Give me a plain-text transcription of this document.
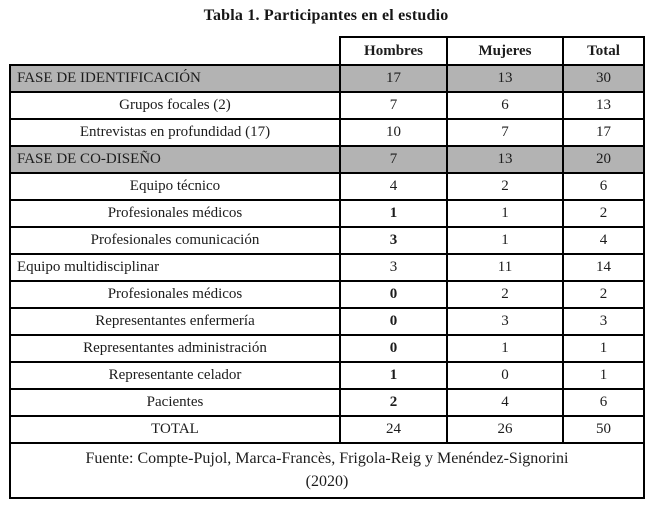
Tabla 1. Participantes en el estudio
	Hombres	Mujeres	Total
FASE DE IDENTIFICACIÓN	17	13	30
Grupos focales (2)	7	6	13
Entrevistas en profundidad (17)	10	7	17
FASE DE CO-DISEÑO	7	13	20
Equipo técnico	4	2	6
Profesionales médicos	1	1	2
Profesionales comunicación	3	1	4
Equipo multidisciplinar	3	11	14
Profesionales médicos	0	2	2
Representantes enfermería	0	3	3
Representantes administración	0	1	1
Representante celador	1	0	1
Pacientes	2	4	6
TOTAL	24	26	50

Fuente: Compte-Pujol, Marca-Francès, Frigola-Reig y Menéndez-Signorini
(2020)			
